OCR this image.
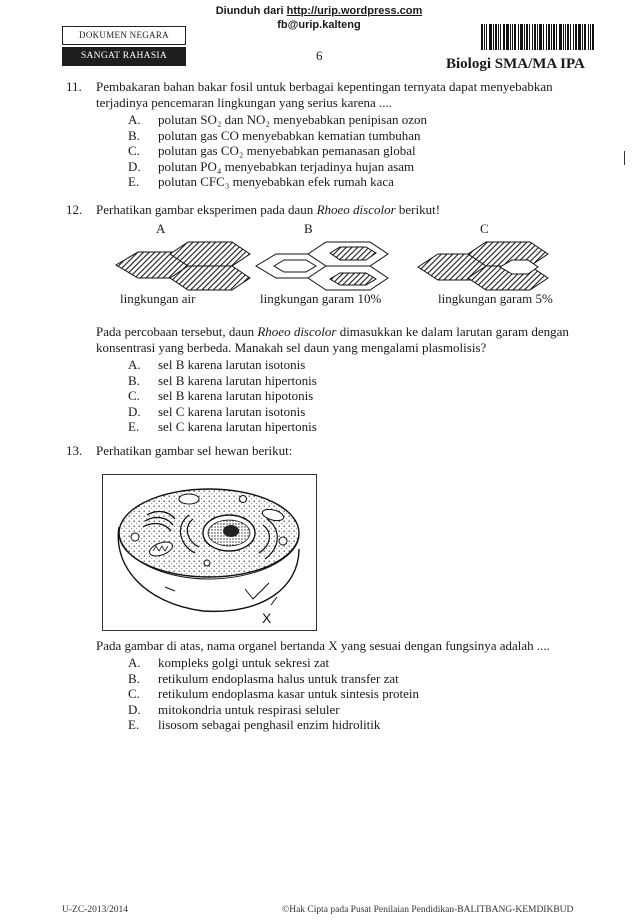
Diunduh dari http://urip.wordpress.com
fb@urip.kalteng
DOKUMEN NEGARA
SANGAT RAHASIA	6
Biologi SMA/MA IPA
11. Pembakaran bahan bakar fosil untuk berbagai kepentingan ternyata dapat menyebabkan
terjadinya pencemaran lingkungan yang serius karena ....
A.	polutan SO₂ dan NO₂ menyebabkan penipisan ozon
B.	polutan gas CO menyebabkan kematian tumbuhan
C.	polutan gas CO₂ menyebabkan pemanasan global
D.	polutan PO₄ menyebabkan terjadinya hujan asam
E.	polutan CFC₃ menyebabkan efek rumah kaca
12. Perhatikan gambar eksperimen pada daun Rhoeo discolor berikut!
A	B	C
lingkungan air	lingkungan garam 10%	lingkungan garam 5%
Pada percobaan tersebut, daun Rhoeo discolor dimasukkan ke dalam larutan garam dengan
konsentrasi yang berbeda. Manakah sel daun yang mengalami plasmolisis?
A.	sel B karena larutan isotonis
B.	sel B karena larutan hipertonis
C.	sel B karena larutan hipotonis
D.	sel C karena larutan isotonis
E.	sel C karena larutan hipertonis
13. Perhatikan gambar sel hewan berikut:
X
Pada gambar di atas, nama organel bertanda X yang sesuai dengan fungsinya adalah ....
A.	kompleks golgi untuk sekresi zat
B.	retikulum endoplasma halus untuk transfer zat
C.	retikulum endoplasma kasar untuk sintesis protein
D.	mitokondria untuk respirasi seluler
E.	lisosom sebagai penghasil enzim hidrolitik
U-ZC-2013/2014	©Hak Cipta pada Pusat Penilaian Pendidikan-BALITBANG-KEMDIKBUD
